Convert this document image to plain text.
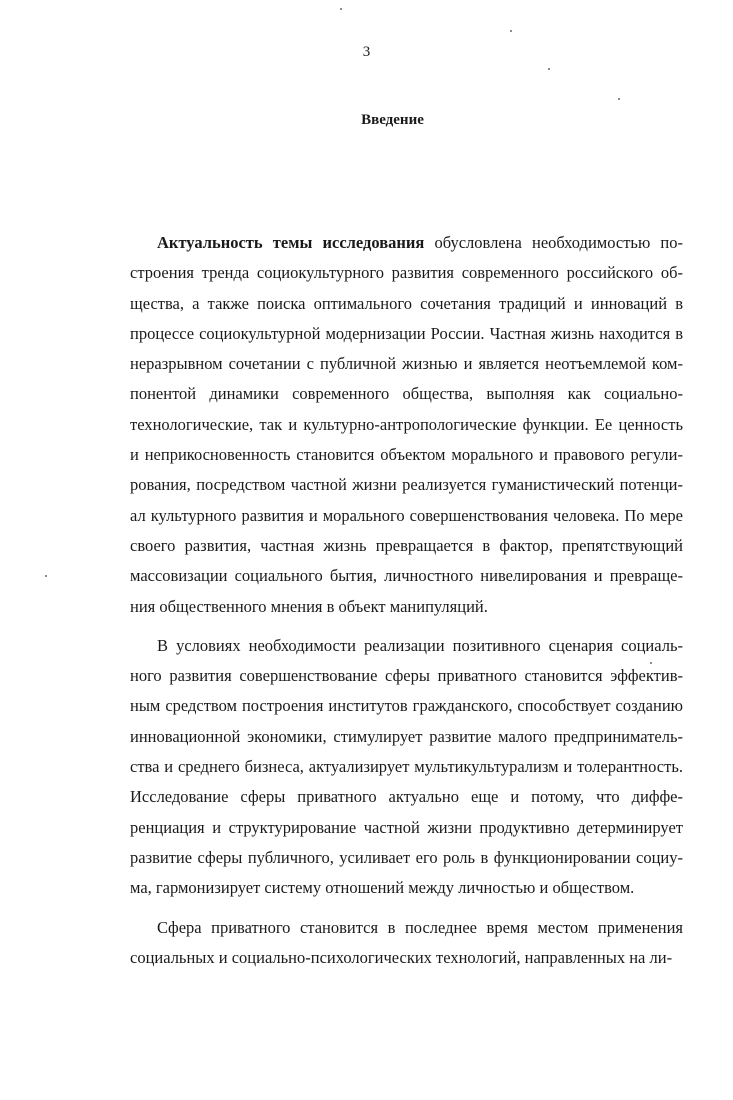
3
Введение

Актуальность темы исследования обусловлена необходимостью построения тренда социокультурного развития современного российского общества, а также поиска оптимального сочетания традиций и инноваций в процессе социокультурной модернизации России. Частная жизнь находится в неразрывном сочетании с публичной жизнью и является неотъемлемой компонентой динамики современного общества, выполняя как социально-технологические, так и культурно-антропологические функции. Ее ценность и неприкосновенность становится объектом морального и правового регулирования, посредством частной жизни реализуется гуманистический потенциал культурного развития и морального совершенствования человека. По мере своего развития, частная жизнь превращается в фактор, препятствующий массовизации социального бытия, личностного нивелирования и превращения общественного мнения в объект манипуляций.

В условиях необходимости реализации позитивного сценария социального развития совершенствование сферы приватного становится эффективным средством построения институтов гражданского, способствует созданию инновационной экономики, стимулирует развитие малого предпринимательства и среднего бизнеса, актуализирует мультикультурализм и толерантность. Исследование сферы приватного актуально еще и потому, что дифференциация и структурирование частной жизни продуктивно детерминирует развитие сферы публичного, усиливает его роль в функционировании социума, гармонизирует систему отношений между личностью и обществом.

Сфера приватного становится в последнее время местом применения социальных и социально-психологических технологий, направленных на ли-
